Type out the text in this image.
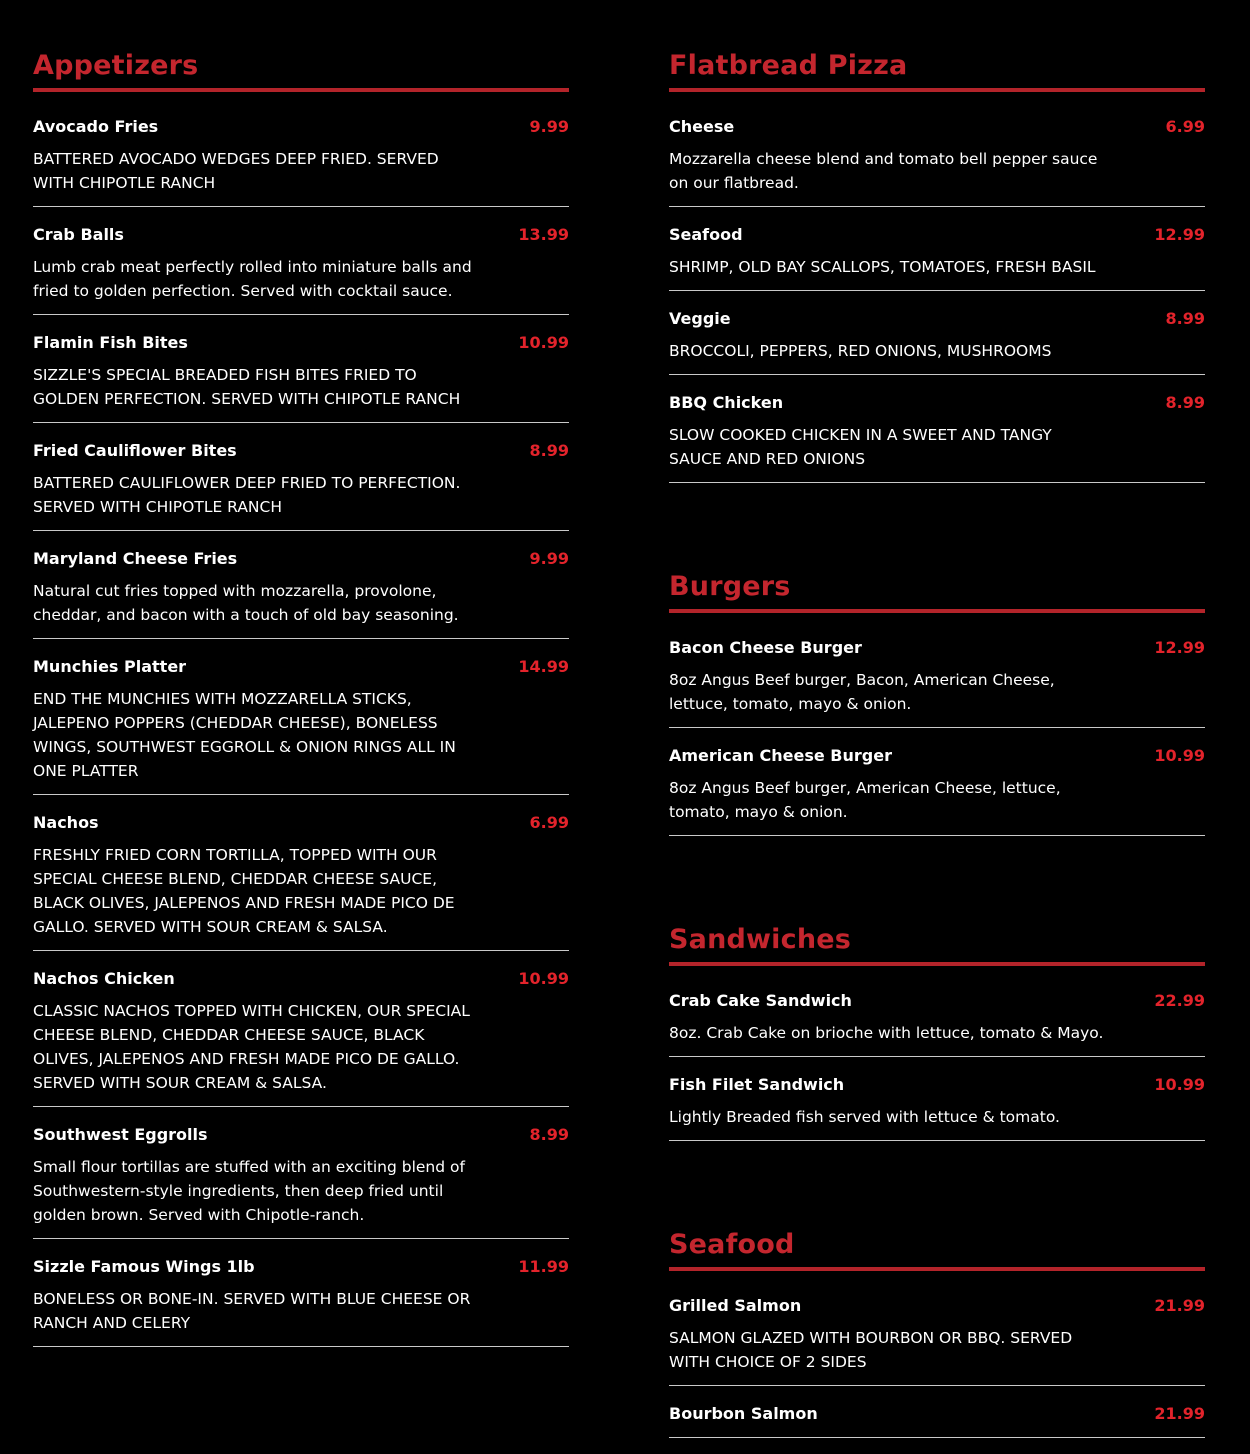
Appetizers
Avocado Fries	9.99
BATTERED AVOCADO WEDGES DEEP FRIED. SERVED WITH CHIPOTLE RANCH
Crab Balls	13.99
Lumb crab meat perfectly rolled into miniature balls and fried to golden perfection. Served with cocktail sauce.
Flamin Fish Bites	10.99
SIZZLE'S SPECIAL BREADED FISH BITES FRIED TO GOLDEN PERFECTION. SERVED WITH CHIPOTLE RANCH
Fried Cauliflower Bites	8.99
BATTERED CAULIFLOWER DEEP FRIED TO PERFECTION. SERVED WITH CHIPOTLE RANCH
Maryland Cheese Fries	9.99
Natural cut fries topped with mozzarella, provolone, cheddar, and bacon with a touch of old bay seasoning.
Munchies Platter	14.99
END THE MUNCHIES WITH MOZZARELLA STICKS, JALEPENO POPPERS (CHEDDAR CHEESE), BONELESS WINGS, SOUTHWEST EGGROLL & ONION RINGS ALL IN ONE PLATTER
Nachos	6.99
FRESHLY FRIED CORN TORTILLA, TOPPED WITH OUR SPECIAL CHEESE BLEND, CHEDDAR CHEESE SAUCE, BLACK OLIVES, JALEPENOS AND FRESH MADE PICO DE GALLO. SERVED WITH SOUR CREAM & SALSA.
Nachos Chicken	10.99
CLASSIC NACHOS TOPPED WITH CHICKEN, OUR SPECIAL CHEESE BLEND, CHEDDAR CHEESE SAUCE, BLACK OLIVES, JALEPENOS AND FRESH MADE PICO DE GALLO. SERVED WITH SOUR CREAM & SALSA.
Southwest Eggrolls	8.99
Small flour tortillas are stuffed with an exciting blend of Southwestern-style ingredients, then deep fried until golden brown. Served with Chipotle-ranch.
Sizzle Famous Wings 1lb	11.99
BONELESS OR BONE-IN. SERVED WITH BLUE CHEESE OR RANCH AND CELERY
Flatbread Pizza
Cheese	6.99
Mozzarella cheese blend and tomato bell pepper sauce on our flatbread.
Seafood	12.99
SHRIMP, OLD BAY SCALLOPS, TOMATOES, FRESH BASIL
Veggie	8.99
BROCCOLI, PEPPERS, RED ONIONS, MUSHROOMS
BBQ Chicken	8.99
SLOW COOKED CHICKEN IN A SWEET AND TANGY SAUCE AND RED ONIONS
Burgers
Bacon Cheese Burger	12.99
8oz Angus Beef burger, Bacon, American Cheese, lettuce, tomato, mayo & onion.
American Cheese Burger	10.99
8oz Angus Beef burger, American Cheese, lettuce, tomato, mayo & onion.
Sandwiches
Crab Cake Sandwich	22.99
8oz. Crab Cake on brioche with lettuce, tomato & Mayo.
Fish Filet Sandwich	10.99
Lightly Breaded fish served with lettuce & tomato.
Seafood
Grilled Salmon	21.99
SALMON GLAZED WITH BOURBON OR BBQ. SERVED WITH CHOICE OF 2 SIDES
Bourbon Salmon	21.99
